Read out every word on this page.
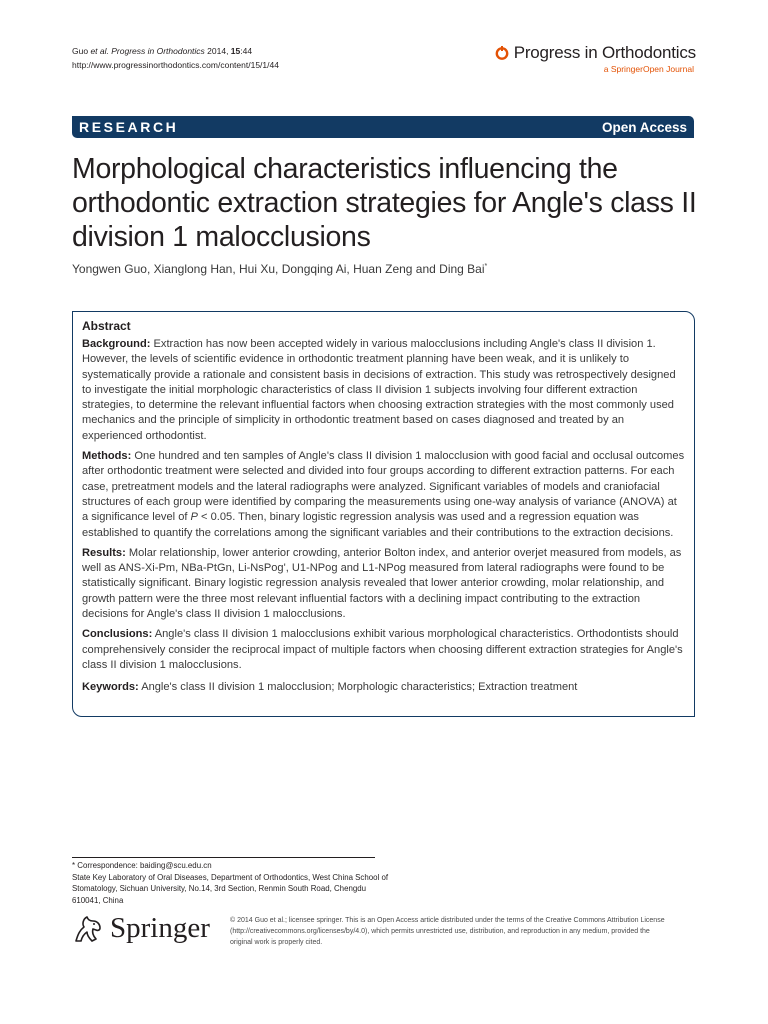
Guo et al. Progress in Orthodontics 2014, 15:44
http://www.progressinorthodontics.com/content/15/1/44
Progress in Orthodontics
a SpringerOpen Journal
RESEARCH	Open Access
Morphological characteristics influencing the orthodontic extraction strategies for Angle's class II division 1 malocclusions
Yongwen Guo, Xianglong Han, Hui Xu, Dongqing Ai, Huan Zeng and Ding Bai*
Abstract

Background: Extraction has now been accepted widely in various malocclusions including Angle's class II division 1. However, the levels of scientific evidence in orthodontic treatment planning have been weak, and it is unlikely to systematically provide a rationale and consistent basis in decisions of extraction. This study was retrospectively designed to investigate the initial morphologic characteristics of class II division 1 subjects involving four different extraction strategies, to determine the relevant influential factors when choosing extraction strategies with the most commonly used mechanics and the principle of simplicity in orthodontic treatment based on cases diagnosed and treated by an experienced orthodontist.

Methods: One hundred and ten samples of Angle's class II division 1 malocclusion with good facial and occlusal outcomes after orthodontic treatment were selected and divided into four groups according to different extraction patterns. For each case, pretreatment models and the lateral radiographs were analyzed. Significant variables of models and craniofacial structures of each group were identified by comparing the measurements using one-way analysis of variance (ANOVA) at a significance level of P < 0.05. Then, binary logistic regression analysis was used and a regression equation was established to quantify the correlations among the significant variables and their contributions to the extraction decisions.

Results: Molar relationship, lower anterior crowding, anterior Bolton index, and anterior overjet measured from models, as well as ANS-Xi-Pm, NBa-PtGn, Li-NsPog', U1-NPog and L1-NPog measured from lateral radiographs were found to be statistically significant. Binary logistic regression analysis revealed that lower anterior crowding, molar relationship, and growth pattern were the three most relevant influential factors with a declining impact contributing to the extraction decisions for Angle's class II division 1 malocclusions.

Conclusions: Angle's class II division 1 malocclusions exhibit various morphological characteristics. Orthodontists should comprehensively consider the reciprocal impact of multiple factors when choosing different extraction strategies for Angle's class II division 1 malocclusions.

Keywords: Angle's class II division 1 malocclusion; Morphologic characteristics; Extraction treatment

* Correspondence: baiding@scu.edu.cn
State Key Laboratory of Oral Diseases, Department of Orthodontics, West China School of Stomatology, Sichuan University, No.14, 3rd Section, Renmin South Road, Chengdu 610041, China
Springer	© 2014 Guo et al.; licensee springer. This is an Open Access article distributed under the terms of the Creative Commons Attribution License (http://creativecommons.org/licenses/by/4.0), which permits unrestricted use, distribution, and reproduction in any medium, provided the original work is properly cited.
